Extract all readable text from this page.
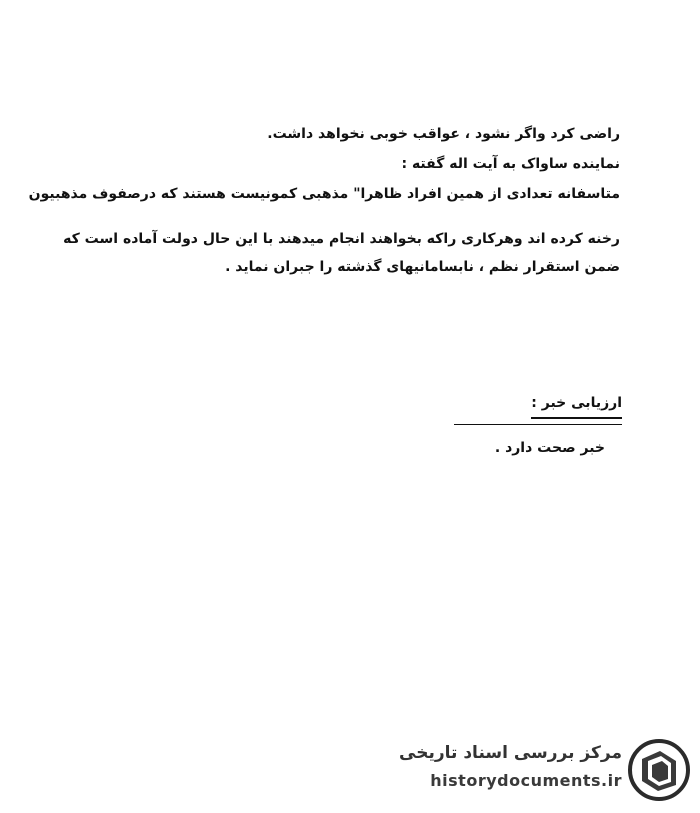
راضی کرد واگر نشود ، عواقب خوبی نخواهد داشت.
نماینده ساواک به آیت اله گفته :
متاسفانه تعدادی از همین افراد ظاهرا" مذهبی کمونیست هستند که درصفوف مذهبیون
رخنه کرده اند وهرکاری راکه بخواهند انجام میدهند با این حال دولت آماده است که
ضمن استقرار نظم ، نابسامانیهای گذشته را جبران نماید .
ارزیابی خبر :
خبر صحت دارد .
مرکز بررسی اسناد تاریخی
historydocuments.ir
